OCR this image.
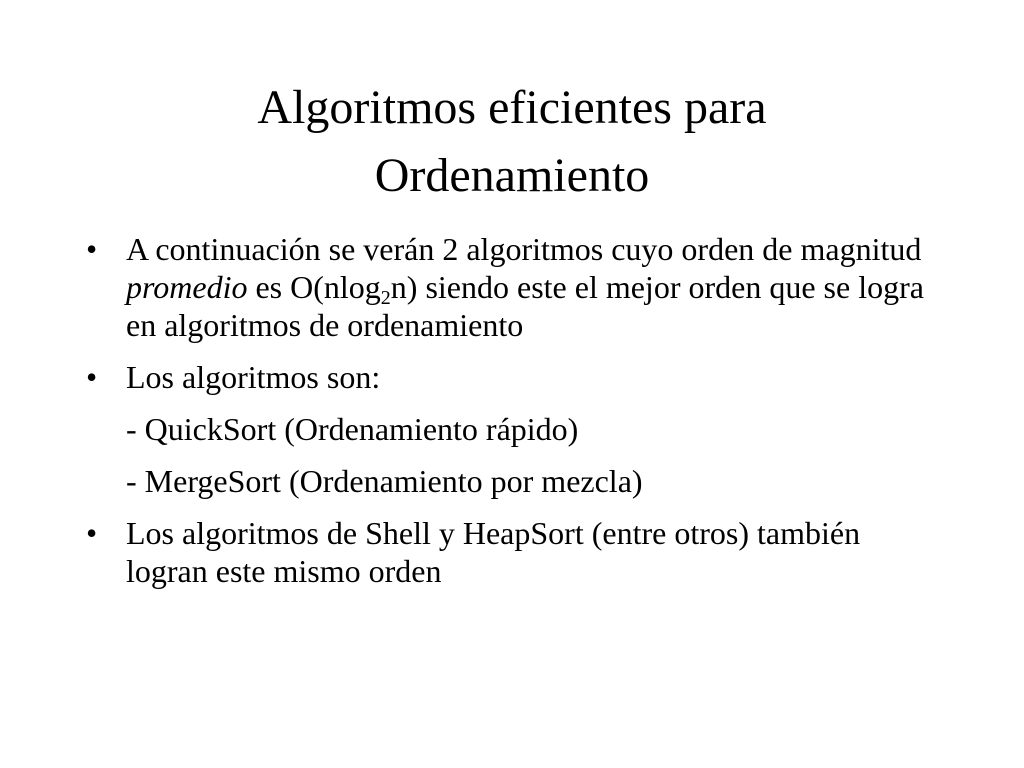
Algoritmos eficientes para
Ordenamiento
• A continuación se verán 2 algoritmos cuyo orden de magnitud promedio es O(nlog$_2$n) siendo este el mejor orden que se logra en algoritmos de ordenamiento
• Los algoritmos son:
- QuickSort (Ordenamiento rápido)
- MergeSort (Ordenamiento por mezcla)
• Los algoritmos de Shell y HeapSort (entre otros) también logran este mismo orden
